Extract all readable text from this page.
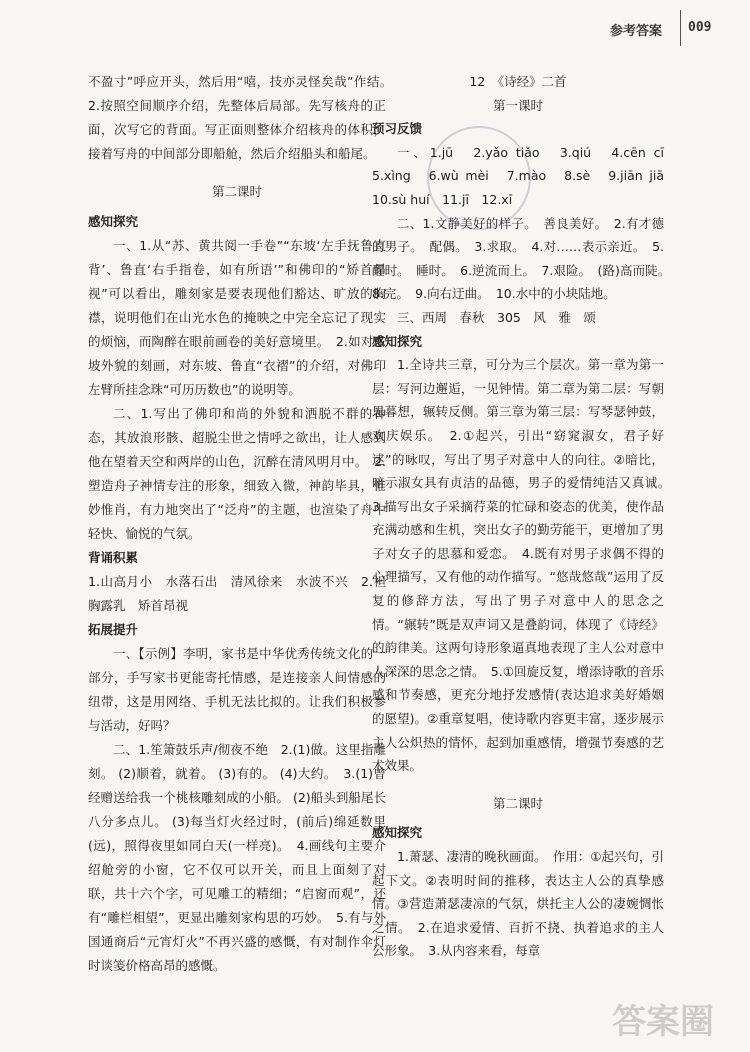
参考答案 009

不盈寸”呼应开头，然后用“嘻，技亦灵怪矣哉”作结。　2.按照空间顺序介绍，先整体后局部。先写核舟的正面，次写它的背面。写正面则整体介绍核舟的体积，接着写舟的中间部分即船舱，然后介绍船头和船尾。

第二课时

感知探究

一、1.从“苏、黄共阅一手卷”“东坡‘左手抚鲁直背’、鲁直‘右手指卷，如有所语’”和佛印的“矫首昂视”可以看出，雕刻家是要表现他们豁达、旷放的胸襟，说明他们在山光水色的掩映之中完全忘记了现实的烦恼，而陶醉在眼前画卷的美好意境里。　2.如对东坡外貌的刻画，对东坡、鲁直“衣褶”的介绍，对佛印左臂所挂念珠“可历历数也”的说明等。

二、1.写出了佛印和尚的外貌和洒脱不群的神态，其放浪形骸、超脱尘世之情呼之欲出，让人感到他在望着天空和两岸的山色，沉醉在清风明月中。　2.塑造舟子神情专注的形象，细致入微，神韵毕具，惟妙惟肖，有力地突出了“泛舟”的主题，也渲染了舟中轻快、愉悦的气氛。

背诵积累

1.山高月小　水落石出　清风徐来　水波不兴　2.袒胸露乳　矫首昂视

拓展提升

一、【示例】李明，家书是中华优秀传统文化的一部分，手写家书更能寄托情感，是连接亲人间情感的纽带，这是用网络、手机无法比拟的。让我们积极参与活动，好吗？

二、1.笙箫鼓乐声/彻夜不绝　2.(1)做。这里指雕刻。 (2)顺着，就着。 (3)有的。 (4)大约。　3.(1)曾经赠送给我一个桃核雕刻成的小船。 (2)船头到船尾长八分多点儿。 (3)每当灯火经过时，(前后)绵延数里(远)，照得夜里如同白天(一样亮)。　4.画线句主要介绍舱旁的小窗，它不仅可以开关，而且上面刻了对联，共十六个字，可见雕工的精细；“启窗而观”，还有“雕栏相望”，更显出雕刻家构思的巧妙。　5.有与外国通商后“元宵灯火”不再兴盛的感慨，有对制作伞灯时谈笺价格高昂的感慨。

12　《诗经》二首

第一课时

预习反馈

一、1.jū　2.yǎo tiǎo　3.qiú　4.cēn cī　5.xìng　6.wù mèi　7.mào　8.sè　9.jiān jiā　10.sù huí　11.jī　12.xī

二、1.文静美好的样子。　善良美好。　2.有才德的男子。　配偶。　3.求取。　4.对……表示亲近。　5.醒时。　睡时。　6.逆流而上。　7.艰险。　(路)高而陡。　8.完。　9.向右迂曲。　10.水中的小块陆地。

三、西周　春秋　305　风　雅　颂

感知探究

1.全诗共三章，可分为三个层次。第一章为第一层：写河边邂逅，一见钟情。第二章为第二层：写朝思暮想，辗转反侧。第三章为第三层：写琴瑟钟鼓，欢庆娱乐。　2.①起兴，引出“窈窕淑女，君子好逑”的咏叹，写出了男子对意中人的向往。②暗比，暗示淑女具有贞洁的品德，男子的爱情纯洁又真诚。　3.描写出女子采摘荇菜的忙碌和姿态的优美，使作品充满动感和生机，突出女子的勤劳能干，更增加了男子对女子的思慕和爱恋。　4.既有对男子求偶不得的心理描写，又有他的动作描写。“悠哉悠哉”运用了反复的修辞方法，写出了男子对意中人的思念之情。“辗转”既是双声词又是叠韵词，体现了《诗经》的韵律美。这两句诗形象逼真地表现了主人公对意中人深深的思念之情。　5.①回旋反复，增添诗歌的音乐感和节奏感，更充分地抒发感情(表达追求美好婚姻的愿望)。②重章复唱，使诗歌内容更丰富，逐步展示主人公炽热的情怀，起到加重感情，增强节奏感的艺术效果。

第二课时

感知探究

1.萧瑟、凄清的晚秋画面。　作用：①起兴句，引起下文。②表明时间的推移，表达主人公的真挚感情。③营造萧瑟凄凉的气氛，烘托主人公的凄婉惆怅之情。　2.在追求爱情、百折不挠、执着追求的主人公形象。　3.从内容来看，每章

答案圈
